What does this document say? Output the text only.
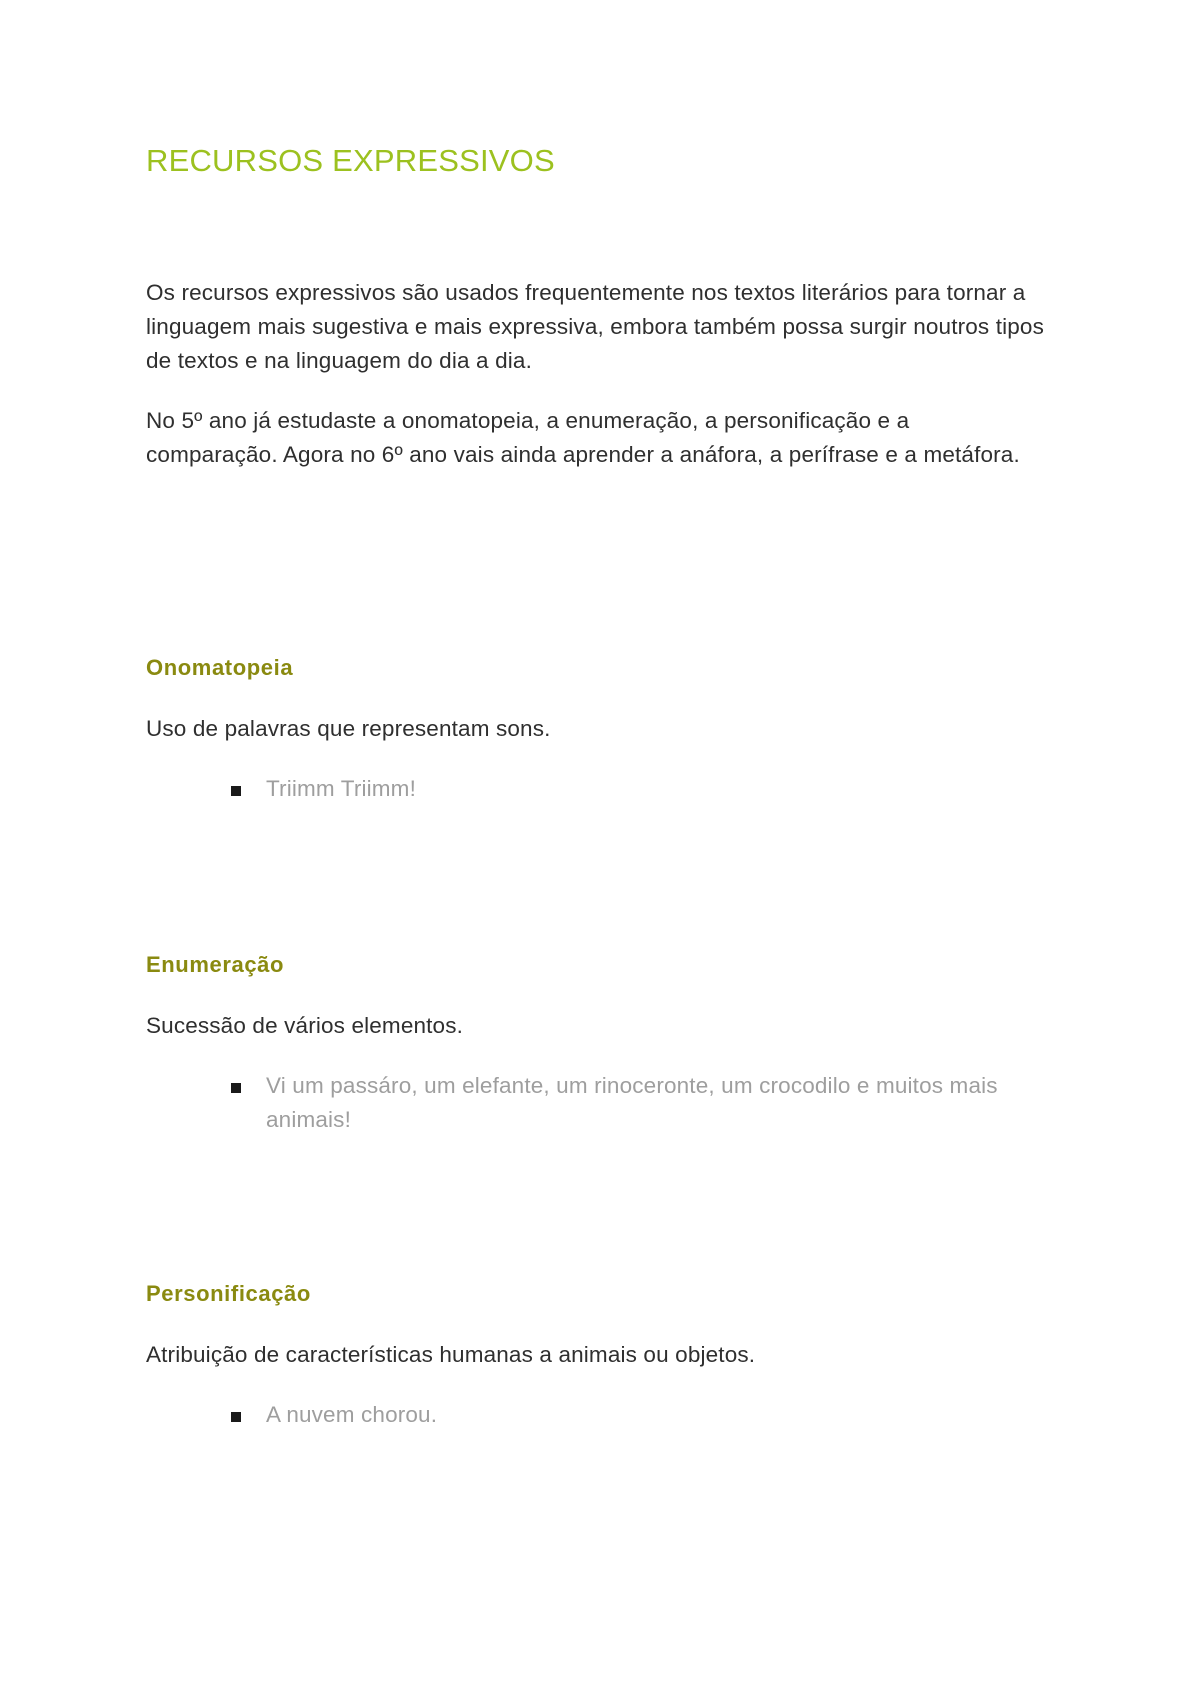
RECURSOS EXPRESSIVOS

Os recursos expressivos são usados frequentemente nos textos literários para tornar a linguagem mais sugestiva e mais expressiva, embora também possa surgir noutros tipos de textos e na linguagem do dia a dia.

No 5º ano já estudaste a onomatopeia, a enumeração, a personificação e a comparação. Agora no 6º ano vais ainda aprender a anáfora, a perífrase e a metáfora.

Onomatopeia

Uso de palavras que representam sons.

Triimm Triimm!
Enumeração

Sucessão de vários elementos.

Vi um passáro, um elefante, um rinoceronte, um crocodilo e muitos mais animais!
Personificação

Atribuição de características humanas a animais ou objetos.

A nuvem chorou.
